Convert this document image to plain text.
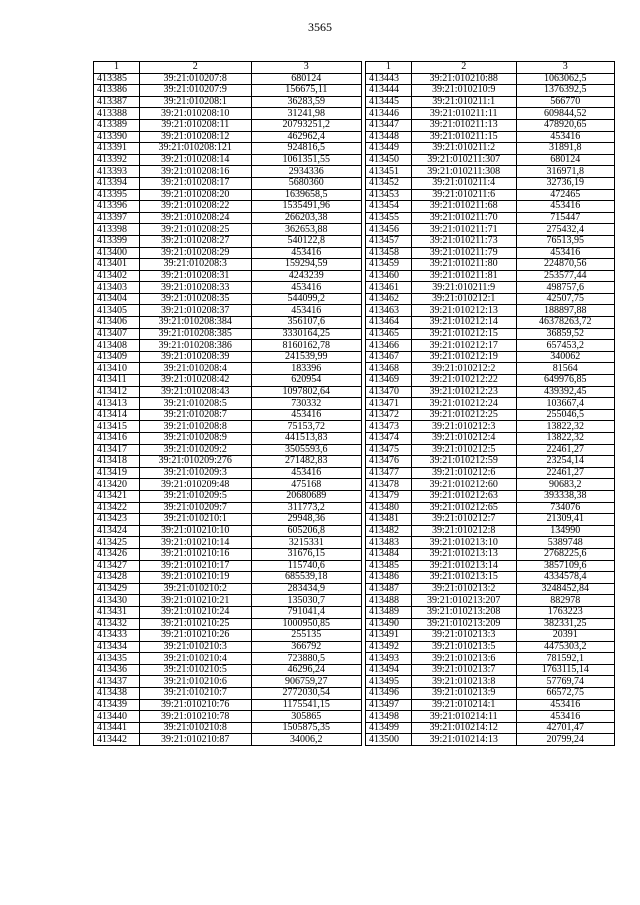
3565
1	2	3
413385	39:21:010207:8	680124
413386	39:21:010207:9	156675,11
413387	39:21:010208:1	36283,59
413388	39:21:010208:10	31241,98
413389	39:21:010208:11	20793251,2
413390	39:21:010208:12	462962,4
413391	39:21:010208:121	924816,5
413392	39:21:010208:14	1061351,55
413393	39:21:010208:16	2934336
413394	39:21:010208:17	5680360
413395	39:21:010208:20	1639658,5
413396	39:21:010208:22	1535491,96
413397	39:21:010208:24	266203,38
413398	39:21:010208:25	362653,88
413399	39:21:010208:27	540122,8
413400	39:21:010208:29	453416
413401	39:21:010208:3	159294,59
413402	39:21:010208:31	4243239
413403	39:21:010208:33	453416
413404	39:21:010208:35	544099,2
413405	39:21:010208:37	453416
413406	39:21:010208:384	356107,6
413407	39:21:010208:385	3330164,25
413408	39:21:010208:386	8160162,78
413409	39:21:010208:39	241539,99
413410	39:21:010208:4	183396
413411	39:21:010208:42	620954
413412	39:21:010208:43	1097802,64
413413	39:21:010208:5	730332
413414	39:21:010208:7	453416
413415	39:21:010208:8	75153,72
413416	39:21:010208:9	441513,83
413417	39:21:010209:2	3505593,6
413418	39:21:010209:276	271482,83
413419	39:21:010209:3	453416
413420	39:21:010209:48	475168
413421	39:21:010209:5	20680689
413422	39:21:010209:7	311773,2
413423	39:21:010210:1	29948,36
413424	39:21:010210:10	605206,8
413425	39:21:010210:14	3215331
413426	39:21:010210:16	31676,15
413427	39:21:010210:17	115740,6
413428	39:21:010210:19	685539,18
413429	39:21:010210:2	283434,9
413430	39:21:010210:21	135030,7
413431	39:21:010210:24	791041,4
413432	39:21:010210:25	1000950,85
413433	39:21:010210:26	255135
413434	39:21:010210:3	366792
413435	39:21:010210:4	723880,5
413436	39:21:010210:5	46296,24
413437	39:21:010210:6	906759,27
413438	39:21:010210:7	2772030,54
413439	39:21:010210:76	1175541,15
413440	39:21:010210:78	305865
413441	39:21:010210:8	1505875,35
413442	39:21:010210:87	34006,2
1	2	3
413443	39:21:010210:88	1063062,5
413444	39:21:010210:9	1376392,5
413445	39:21:010211:1	566770
413446	39:21:010211:11	609844,52
413447	39:21:010211:13	478920,65
413448	39:21:010211:15	453416
413449	39:21:010211:2	31891,8
413450	39:21:010211:307	680124
413451	39:21:010211:308	316971,8
413452	39:21:010211:4	32736,19
413453	39:21:010211:6	472465
413454	39:21:010211:68	453416
413455	39:21:010211:70	715447
413456	39:21:010211:71	275432,4
413457	39:21:010211:73	76513,95
413458	39:21:010211:79	453416
413459	39:21:010211:80	224870,56
413460	39:21:010211:81	253577,44
413461	39:21:010211:9	498757,6
413462	39:21:010212:1	42507,75
413463	39:21:010212:13	188897,88
413464	39:21:010212:14	46378263,72
413465	39:21:010212:15	36859,52
413466	39:21:010212:17	657453,2
413467	39:21:010212:19	340062
413468	39:21:010212:2	81564
413469	39:21:010212:22	649976,85
413470	39:21:010212:23	439392,45
413471	39:21:010212:24	103667,4
413472	39:21:010212:25	255046,5
413473	39:21:010212:3	13822,32
413474	39:21:010212:4	13822,32
413475	39:21:010212:5	22461,27
413476	39:21:010212:59	23254,14
413477	39:21:010212:6	22461,27
413478	39:21:010212:60	90683,2
413479	39:21:010212:63	393338,38
413480	39:21:010212:65	734076
413481	39:21:010212:7	21309,41
413482	39:21:010212:8	134990
413483	39:21:010213:10	5389748
413484	39:21:010213:13	2768225,6
413485	39:21:010213:14	3857109,6
413486	39:21:010213:15	4334578,4
413487	39:21:010213:2	3248452,84
413488	39:21:010213:207	882978
413489	39:21:010213:208	1763223
413490	39:21:010213:209	382331,25
413491	39:21:010213:3	20391
413492	39:21:010213:5	4475303,2
413493	39:21:010213:6	781592,1
413494	39:21:010213:7	1763115,14
413495	39:21:010213:8	57769,74
413496	39:21:010213:9	66572,75
413497	39:21:010214:1	453416
413498	39:21:010214:11	453416
413499	39:21:010214:12	42701,47
413500	39:21:010214:13	20799,24
